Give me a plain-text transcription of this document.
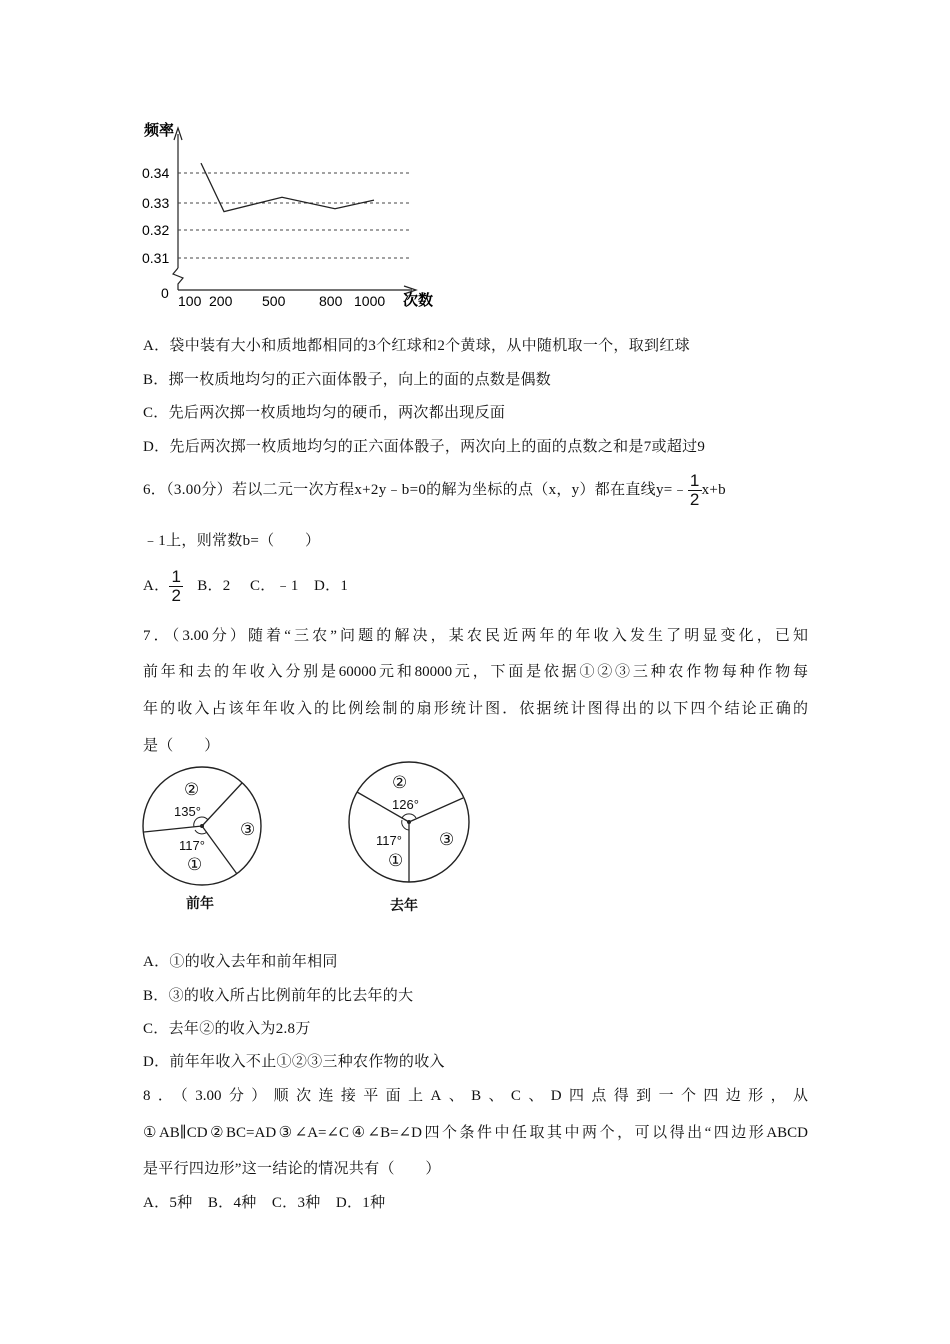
0.34
0.33
0.32
0.31
0
频率
次数
100 200 500 800 1000
A．袋中装有大小和质地都相同的3个红球和2个黄球，从中随机取一个，取到红球
B．掷一枚质地均匀的正六面体骰子，向上的面的点数是偶数
C．先后两次掷一枚质地均匀的硬币，两次都出现反面
D．先后两次掷一枚质地均匀的正六面体骰子，两次向上的面的点数之和是7或超过9
6．（3.00分）若以二元一次方程x+2y﹣b=0的解为坐标的点（x，y）都在直线y=﹣ $\frac{1}{2} x+b$
﹣1上，则常数b=（　　）
A． $\frac{1}{2}$ B．2　 C．﹣1　D．1
7．（3.00分）随着“三农”问题的解决，某农民近两年的年收入发生了明显变化，已知
前年和去的年收入分别是60000元和80000元，下面是依据①②③三种农作物每种作物每
年的收入占该年年收入的比例绘制的扇形统计图．依据统计图得出的以下四个结论正确的
是（　　）
②
135°
③
117°
①
前年
②
126°
③
117°
①
去年
A．①的收入去年和前年相同
B．③的收入所占比例前年的比去年的大
C．去年②的收入为2.8万
D．前年年收入不止①②③三种农作物的收入
8．（3.00分）顺次连接平面上A、B、C、D四点得到一个四边形，从
①AB∥CD②BC=AD③∠A=∠C④∠B=∠D四个条件中任取其中两个，可以得出“四边形ABCD
是平行四边形”这一结论的情况共有（　　）
A．5种　B．4种　C．3种　D．1种
